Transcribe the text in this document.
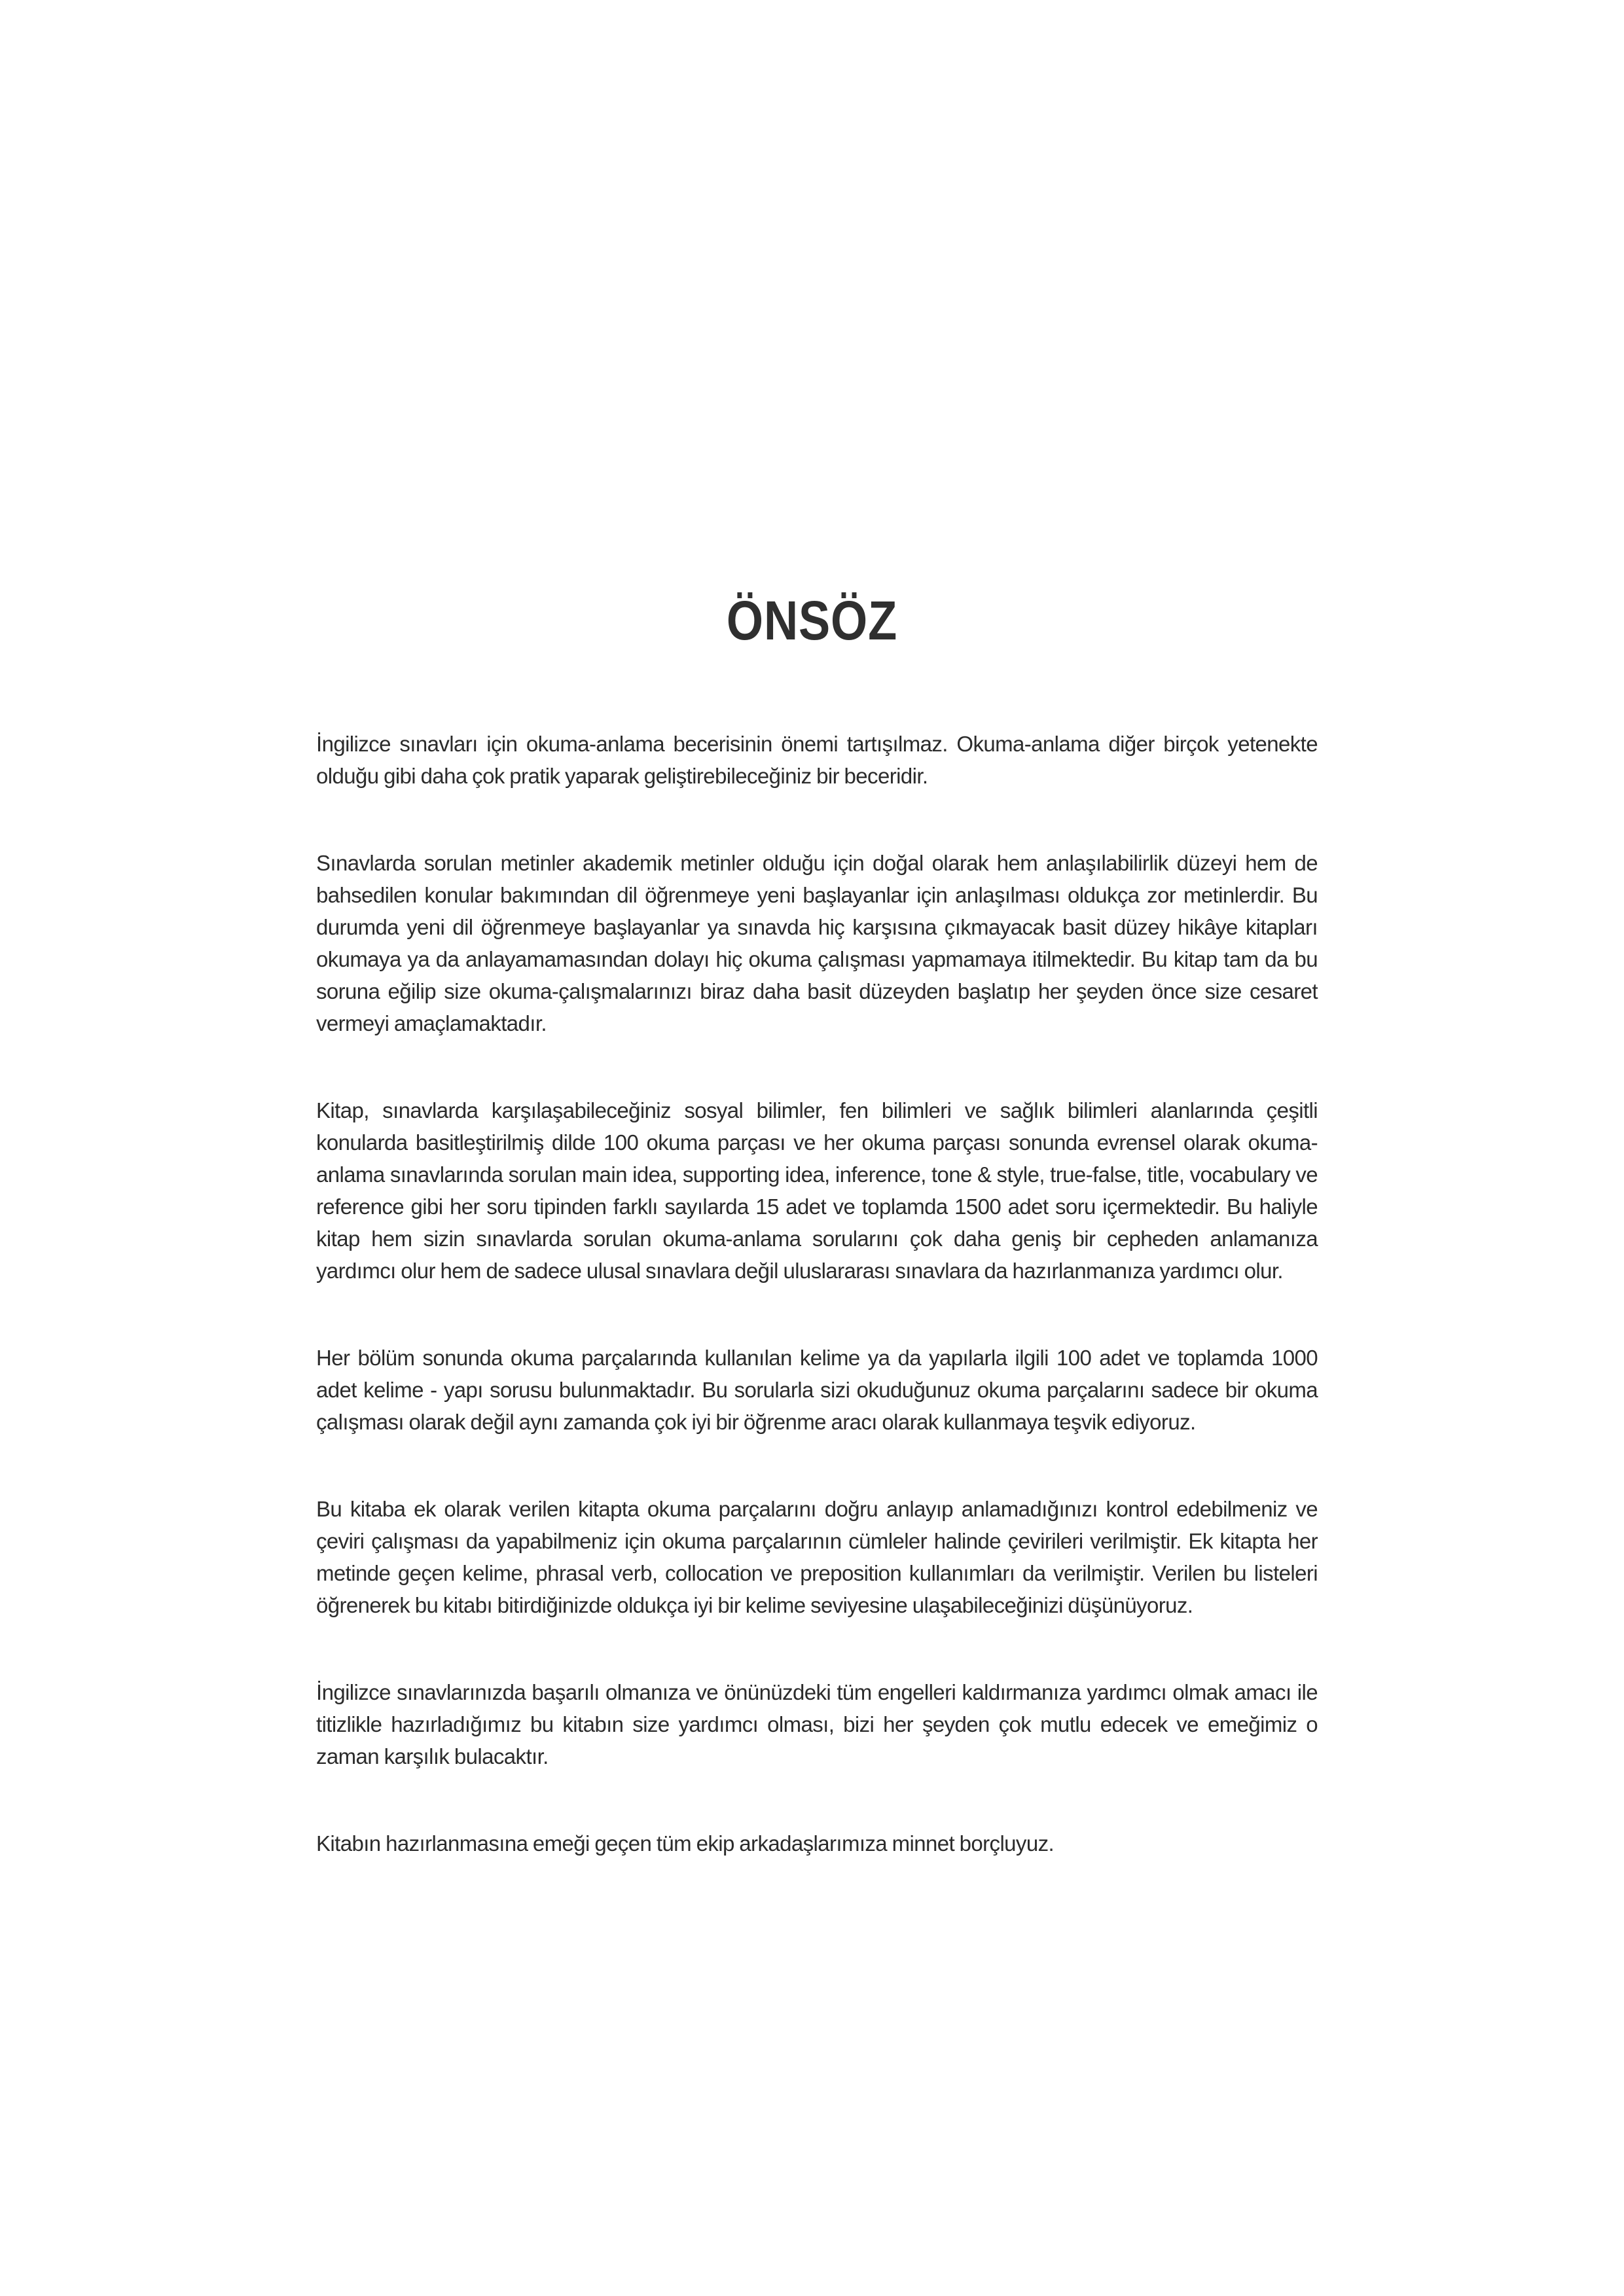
ÖNSÖZ

İngilizce sınavları için okuma-anlama becerisinin önemi tartışılmaz. Okuma-anlama diğer birçok yetenekte olduğu gibi daha çok pratik yaparak geliştirebileceğiniz bir beceridir.

Sınavlarda sorulan metinler akademik metinler olduğu için doğal olarak hem anlaşılabilirlik düzeyi hem de bahsedilen konular bakımından dil öğrenmeye yeni başlayanlar için anlaşılması oldukça zor metinlerdir. Bu durumda yeni dil öğrenmeye başlayanlar ya sınavda hiç karşısına çıkmayacak basit düzey hikâye kitapları okumaya ya da anlayamamasından dolayı hiç okuma çalışması yapmamaya itilmektedir. Bu kitap tam da bu soruna eğilip size okuma-çalışmalarınızı biraz daha basit düzeyden başlatıp her şeyden önce size cesaret vermeyi amaçlamaktadır.

Kitap, sınavlarda karşılaşabileceğiniz sosyal bilimler, fen bilimleri ve sağlık bilimleri alanlarında çeşitli konularda basitleştirilmiş dilde 100 okuma parçası ve her okuma parçası sonunda evrensel olarak okuma-anlama sınavlarında sorulan main idea, supporting idea, inference, tone & style, true-false, title, vocabulary ve reference gibi her soru tipinden farklı sayılarda 15 adet ve toplamda 1500 adet soru içermektedir. Bu haliyle kitap hem sizin sınavlarda sorulan okuma-anlama sorularını çok daha geniş bir cepheden anlamanıza yardımcı olur hem de sadece ulusal sınavlara değil uluslararası sınavlara da hazırlanmanıza yardımcı olur.

Her bölüm sonunda okuma parçalarında kullanılan kelime ya da yapılarla ilgili 100 adet ve toplamda 1000 adet kelime - yapı sorusu bulunmaktadır. Bu sorularla sizi okuduğunuz okuma parçalarını sadece bir okuma çalışması olarak değil aynı zamanda çok iyi bir öğrenme aracı olarak kullanmaya teşvik ediyoruz.

Bu kitaba ek olarak verilen kitapta okuma parçalarını doğru anlayıp anlamadığınızı kontrol edebilmeniz ve çeviri çalışması da yapabilmeniz için okuma parçalarının cümleler halinde çevirileri verilmiştir. Ek kitapta her metinde geçen kelime, phrasal verb, collocation ve preposition kullanımları da verilmiştir. Verilen bu listeleri öğrenerek bu kitabı bitirdiğinizde oldukça iyi bir kelime seviyesine ulaşabileceğinizi düşünüyoruz.

İngilizce sınavlarınızda başarılı olmanıza ve önünüzdeki tüm engelleri kaldırmanıza yardımcı olmak amacı ile titizlikle hazırladığımız bu kitabın size yardımcı olması, bizi her şeyden çok mutlu edecek ve emeğimiz o zaman karşılık bulacaktır.

Kitabın hazırlanmasına emeği geçen tüm ekip arkadaşlarımıza minnet borçluyuz.
